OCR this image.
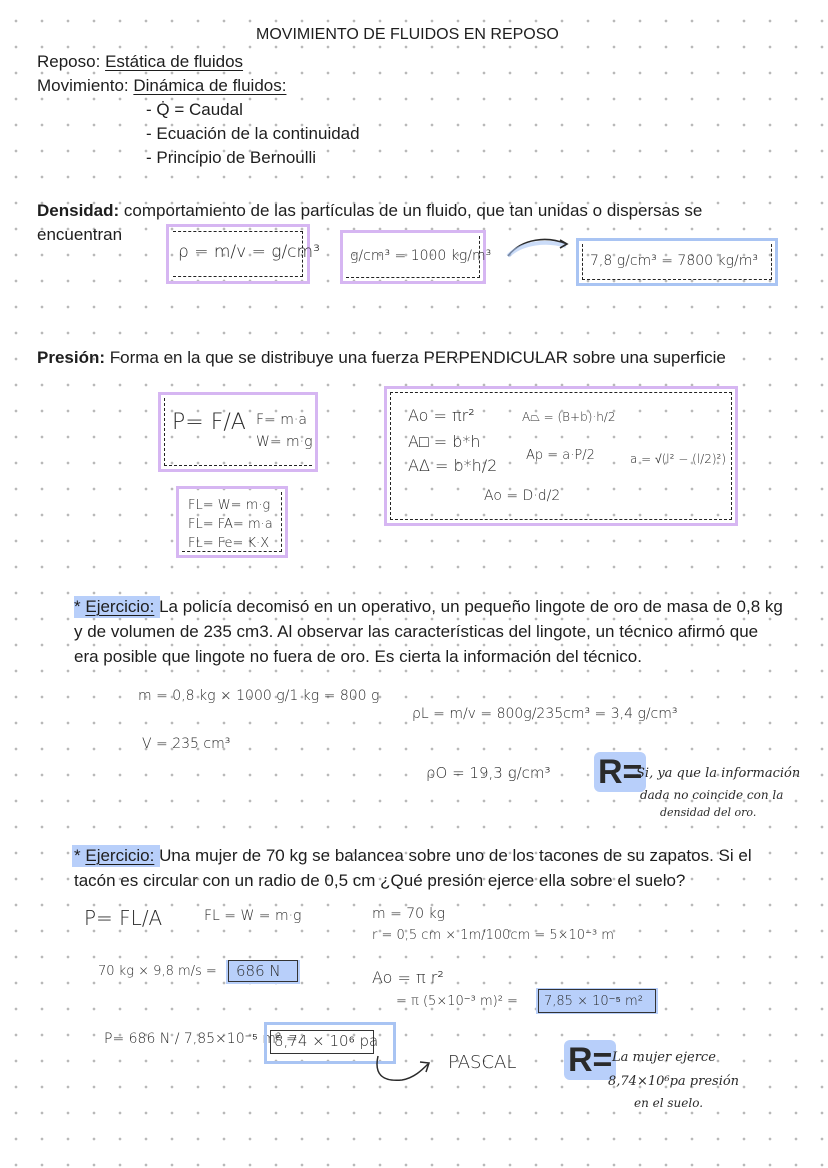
MOVIMIENTO DE FLUIDOS EN REPOSO
Reposo: Estática de fluidos
Movimiento: Dinámica de fluidos:
- Q̇ = Caudal
- Ecuación de la continuidad
- Principio de Bernoulli
Densidad: comportamiento de las partículas de un fluido, que tan unidas o dispersas se
encuentran
ρ = m/v = g/cm³ g/cm³ = 1000 kg/m³	7,8 g/cm³ = 7800 kg/m³
Presión: Forma en la que se distribuye una fuerza PERPENDICULAR sobre una superficie
P= F/A F= m·a
W= m·g
FL= W= m·g
FL= FA= m·a
FL= Fe= K·X
Ao = πr²
A□ = b*h
AΔ = b*h/2
Ao = D·d/2
A⏢ = (B+b)·h/2
Ap = a·P/2	a = √(l² − (l/2)²)
* Ejercicio: La policía decomisó en un operativo, un pequeño lingote de oro de masa de 0,8 kg y de volumen de 235 cm3. Al observar las características del lingote, un técnico afirmó que era posible que lingote no fuera de oro. Es cierta la información del técnico.
m = 0,8 kg × 1000 g/1 kg = 800 g
V = 235 cm³
ρL = m/v = 800g/235cm³ = 3,4 g/cm³
ρO = 19,3 g/cm³ R=
Si, ya que la información
dada no coincide con la
densidad del oro.
* Ejercicio: Una mujer de 70 kg se balancea sobre uno de los tacones de su zapatos. Si el tacón es circular con un radio de 0,5 cm ¿Qué presión ejerce ella sobre el suelo?
P= FL/A	FL = W = m·g	m = 70 kg
r = 0,5 cm × 1m/100cm = 5×10⁻³ m
70 kg × 9,8 m/s = 686 N	Ao = π r²
= π (5×10⁻³ m)² = 7,85 × 10⁻⁵ m²
P= 686 N / 7,85×10⁻⁵ m² =
8,74 × 10⁶ pa
PASCAL R= La mujer ejerce
8,74×10⁶pa presión
en el suelo.
